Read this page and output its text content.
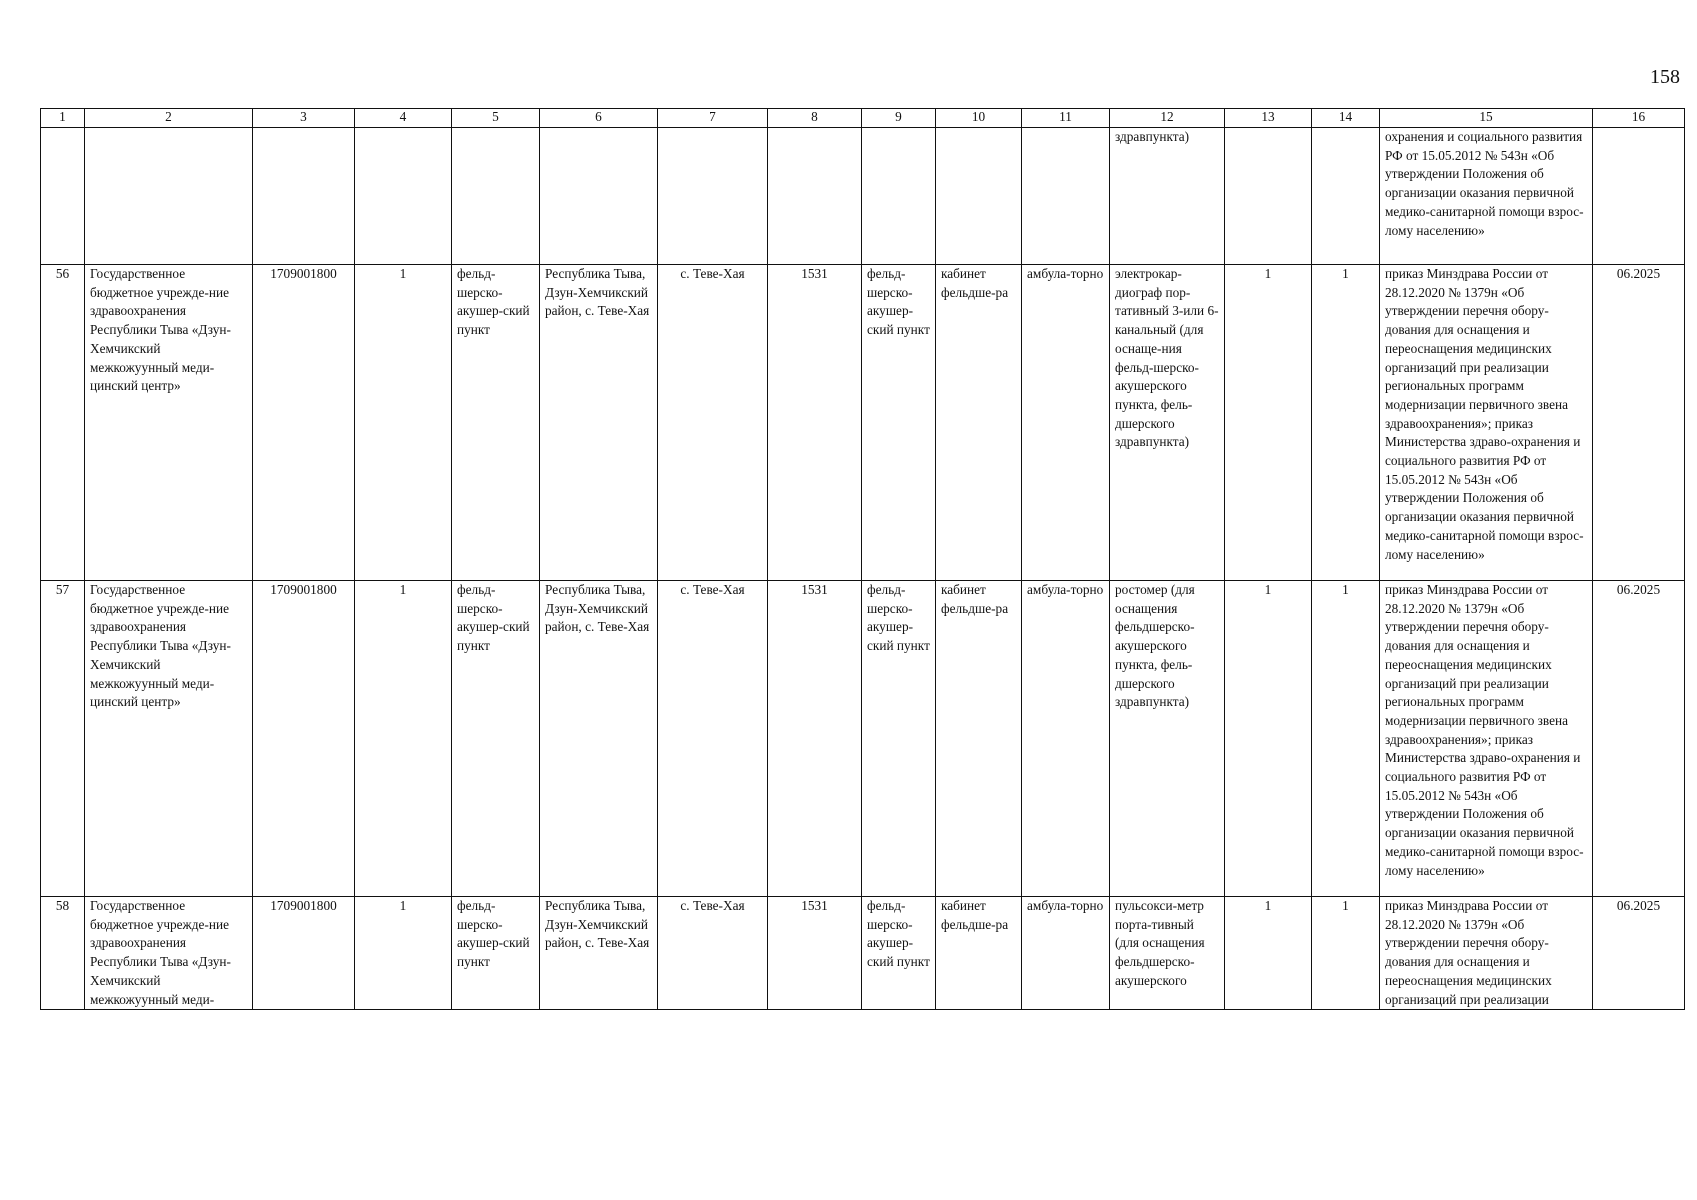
158
1	2	3	4	5	6	7	8	9	10	11	12	13	14	15	16
											здравпункта)			охранения и социального развития РФ от 15.05.2012 № 543н «Об утверждении Положения об организации оказания первичной медико-санитарной помощи взрос-лому населению»	
56	Государственное бюджетное учрежде-ние здравоохранения Республики Тыва «Дзун-Хемчикский межкожуунный меди-цинский центр»	1709001800	1	фельд-шерско-акушер-ский пункт	Республика Тыва, Дзун-Хемчикский район, с. Теве-Хая	с. Теве-Хая	1531	фельд-шерско-акушер-ский пункт	кабинет фельдше-ра	амбула-торно	электрокар-диограф пор-тативный 3-или 6-канальный (для оснаще-ния фельд-шерско-акушерского пункта, фель-дшерского здравпункта)	1	1	приказ Минздрава России от 28.12.2020 № 1379н «Об утверждении перечня обору-дования для оснащения и переоснащения медицинских организаций при реализации региональных программ модернизации первичного звена здравоохранения»; приказ Министерства здраво-охранения и социального развития РФ от 15.05.2012 № 543н «Об утверждении Положения об организации оказания первичной медико-санитарной помощи взрос-лому населению»	06.2025
57	Государственное бюджетное учрежде-ние здравоохранения Республики Тыва «Дзун-Хемчикский межкожуунный меди-цинский центр»	1709001800	1	фельд-шерско-акушер-ский пункт	Республика Тыва, Дзун-Хемчикский район, с. Теве-Хая	с. Теве-Хая	1531	фельд-шерско-акушер-ский пункт	кабинет фельдше-ра	амбула-торно	ростомер (для оснащения фельдшерско-акушерского пункта, фель-дшерского здравпункта)	1	1	приказ Минздрава России от 28.12.2020 № 1379н «Об утверждении перечня обору-дования для оснащения и переоснащения медицинских организаций при реализации региональных программ модернизации первичного звена здравоохранения»; приказ Министерства здраво-охранения и социального развития РФ от 15.05.2012 № 543н «Об утверждении Положения об организации оказания первичной медико-санитарной помощи взрос-лому населению»	06.2025
58	Государственное бюджетное учрежде-ние здравоохранения Республики Тыва «Дзун-Хемчикский межкожуунный меди-	1709001800	1	фельд-шерско-акушер-ский пункт	Республика Тыва, Дзун-Хемчикский район, с. Теве-Хая	с. Теве-Хая	1531	фельд-шерско-акушер-ский пункт	кабинет фельдше-ра	амбула-торно	пульсокси-метр порта-тивный (для оснащения фельдшерско-акушерского	1	1	приказ Минздрава России от 28.12.2020 № 1379н «Об утверждении перечня обору-дования для оснащения и переоснащения медицинских организаций при реализации	06.2025
